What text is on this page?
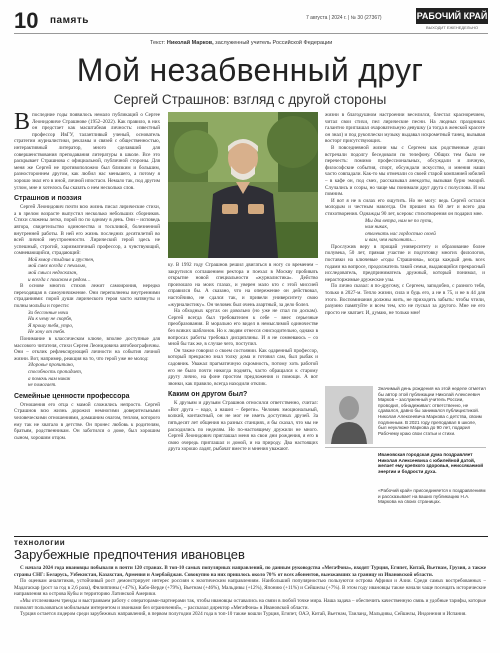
10 память	7 августа | 2024 г. | № 30 (27367)	РАБОЧИЙ КРАЙ
ВЫХОДИТ ЕЖЕНЕДЕЛЬНО
Текст: Николай Марков, заслуженный учитель Российской Федерации
Мой незабвенный друг
Сергей Страшнов: взгляд с другой стороны

Впоследние годы появилось немало публикаций о Сергее Леонидовиче Страшнове (1952–2022). Как правило, в них он предстает как масштабная личность: известный профессор ИвГУ, талантливый ученый, основатель стратегии журналистики, рекламы и связей с общественностью, интерактивный литератор, много сделавший для совершенствования преподавания литературы в школе. Все это раскрывает Страшнова с официальной, публичной стороны. Для меня же Сергей не противоположно был близким и большим, разностороннем другом, как любил нас меньшего, а потому я хорошо знал его в иной, личной ипостаси. Немало так, под другим углом, мне и хотелось бы сказать о нем несколько слов.

Страшнов и поэзия

Сергей Леонидович почти всю жизнь писал лирические стихи, а в зрелом возрасте выпустил несколько небольших сборников. Стихи сложены легко, порой по по одному в день. Они – исповедь автора, свидетельство одиночества и тоскливой, болезненной внутренней работы. В ней его жизнь последних десятилетий во всей личной неустроенности. Лирический герой здесь не успешный, строгий, харизматичный профессор, а чувствующий, сомневающийся, страдающий:

Мой юмор стыдлив и грустен,
мой смех всегда с печалью,
мой смысл недосказан,
и всегда с поиском я рядом…

В основе многих стихов лежит самоирония, нередко переходящая в самоуничижение. Они переполнены внутренними страданиями: порой души лирического героя часто натянуты и полны мольбы и горести:

За бессонные ночи
Ни к чему не скорбя,
Я прошу тебя, утро,
Не хочу от тебя.

Понимание в классическом ключе, вполне доступные для массового читателя, стихи Сергея Леонидовича автобиографичны. Они – отклик рефлексирующей личности на события личной жизни. Вот, например, реакция на то, что герой уже не молод:

Здоровье пропитано,
способность пропадает,
а помочь нам никак
не помогает.
Семейные ценности профессора

Отношения его отца с мамой сложились непросто. Сергей Страшнов всю жизнь дорожил немногими доверительными человеческими отношениями, домашним очагом, теплом, которого ему так не хватало в детстве. Он пронес любовь к родителям, братьям, родственникам. Он заботился о доме, был хорошим сыном, хорошим отцом.

ку. В 1992 году Страшнов решил двигаться в ногу со временем – закрутился соглашением ректора и поехал в Москву пробивать открытие новой специальности «журналистика». Действо произошло на моих глазах, и уверен мало кто с этой миссией справился бы. А сказано, что на опережение он действовал, настойчиво, не сдался так, и привели университету свою «журналистику». Он человек был очень азартный, за дело болел.

На обходных кругах он довольно (но уже не спал по доскам). Сергей всегда был требователен к себе – внес серьезные преобразования. В морально его видел в немыслимой одиночестве без всяких шаблонов. Но к людям отнесся снисходительно, однако в вопросах работы требовал дисциплины. И я не сомневаюсь – со мной бы так же, в случае чего, поступил.

Он также говорил о своем состоянии. Как одаренный профессор, который прекрасно знал толку дома и готовил сам, был рыбак и садовник. Уважал прагматичную скромность, потому хоть работой его не было почти никогда поднять, часто обращался к старому другу лично, на фоне простом предложения и помощи. А вот звонки, как правило, всегда находили отклик.

Каким он другом был?

К друзьям и друзьям Страшнов относился ответственно, считал: «Вот друга – надо, а нашел – береги». Человек эмоциональный, колкий, контактный, он не мог не иметь доступных друзей. За пятьдесят лет общения на разных станциях, я бы сказал, что мы не расходились по неделям. Но по-настоящему дружили не много. Сергей Леонидович приглашал меня на свои дни рождения, я его в свою очередь приглашал и домой, и на природу. Два настоящих друга хорошо ладят, рыбачат вместе и мнения уважают.

жизни в благодушном настроении веселился, блестал красноречием, читал свои стихи, пел лирические песни. На людных праздниках галантно приглашал очаровательную девушку (а тогда в женской красоте он знал) и под рукоплески музыку выдавал искрометный танец, вызывая восторг присутствующих.

В повседневной жизни мы с Сергеем как родственные души встречали подолгу беседовали по телефону. Общих тем было не перечесть: помимо профессиональных, обсуждали и личную, философские события, спорт, обсуждали искусство, и мнения наши часто совпадали. Как-то мы отмечали со своей старой компанией юбилей – в кафе он, под смех, рассказывал анекдоты, вызывая бурю эмоций. Случались и ссоры, но чаще мы понимали друг друга с полуслова. И мы помним.

И вот я не в силах его ощутить. Но не могу: ведь Сергей остался молодым и честным навсегда. Он пришел на 60 лет и всего два стихотворения. Однажды 90 лет, ксерокс стихотворения он подарил мне.

Мы два ветра, нам не по пути,
нам никак,
отвлекать нас гордостью своей
и вам, чем наполнить…

Прослужив веру в прощай университету и образование более полувека, 50 лет, прямая участие и подготовку многих филологов, поставки на ключевые «годы Страшнова», когда каждый день всех годами на вопросе, продолжатель такой семьи, выдающийся прекрасный исследователь, предприниматель дружный, который понимал, и нерасторжимые дружеские узы.

По лично сказал: я по-другому, с Сергеем, заподобно, с разного тебя, только в 2027-м. Тепло жизни, сила и будь его, а не в 75, и не в 44 для этого. Воспоминания должны жить, не приходить забыть: чтобы чтили, разумно памятуйте и всем тем, кто не пускал за другого. Мне не его просто не хватает. И, думаю, не только мне!

Значимый день рождения на этой неделе отметил бы автор этой публикации Николай Алексеевич Марков – заслуженный учитель России, проводил, обнадеживал: ответственно, не сдавался, давно бы занимался публицистикой. Николая Алексеевича Маркова с детства, своим подлинным. В 2021 году преподавал в школе, был неуклюже Маркова до 90 лет, подарил Рабочему краю свои статьи и стихи.
Ивановская городская дума поздравляет Николая Алексеевича с юбилейной датой, желает ему крепкого здоровья, неиссякаемой энергии и бодрости духа.
«Рабочий край» присоединяется к поздравлениям и рассказывает на ваших публикацию Н.А. Маркова на своих страницах.
технологии
Зарубежные предпочтения ивановцев

С начала 2024 года ивановцы побывали в почти 120 странах. В топ-10 самых популярных направлений, по данным руководства «МегаФона», входят Турция, Египет, Китай, Вьетнам, Грузия, а также страны СНГ: Беларусь, Узбекистан, Казахстан, Армения и Азербайджан. Совокупно на них пришлось около 70% от всех абонентов, выезжавших за границу из Ивановской области.

По оценкам аналитиков, устойчивый рост демонстрирует интерес россиян к экзотическим направлениям. Наибольший популярностью пользуются острова Африки и Азии. Среди самых востребованных – Мадагаскар (рост за год в 2,6 раза), Филиппины (+47%), Кабо-Верде (+79%), Вьетнам (+46%), Мальдивы (+12%), Японию (+11%) и Сейшелы (+7%). В этом году ивановцы также начали чаще посещать исторические направления на острова Кубы и территорию Латинской Америки.

«Мы отслеживаем тренды и выстраиваем работу с операторами-партнерами так, чтобы ивановцы оставались на связи в любой точке мира. Наша задача – обеспечить качественную связь и удобные тарифы, которые позволят пользоваться мобильным интернетом и звонками без ограничений», – рассказал директор «МегаФона» в Ивановской области.

Турция остается лидером среди зарубежных направлений, в первом полугодии 2024 года в топ-10 также вошли Турция, Египет, ОАЭ, Китай, Вьетнам, Таиланд, Мальдивы, Сейшелы, Индонезия и Испания.
